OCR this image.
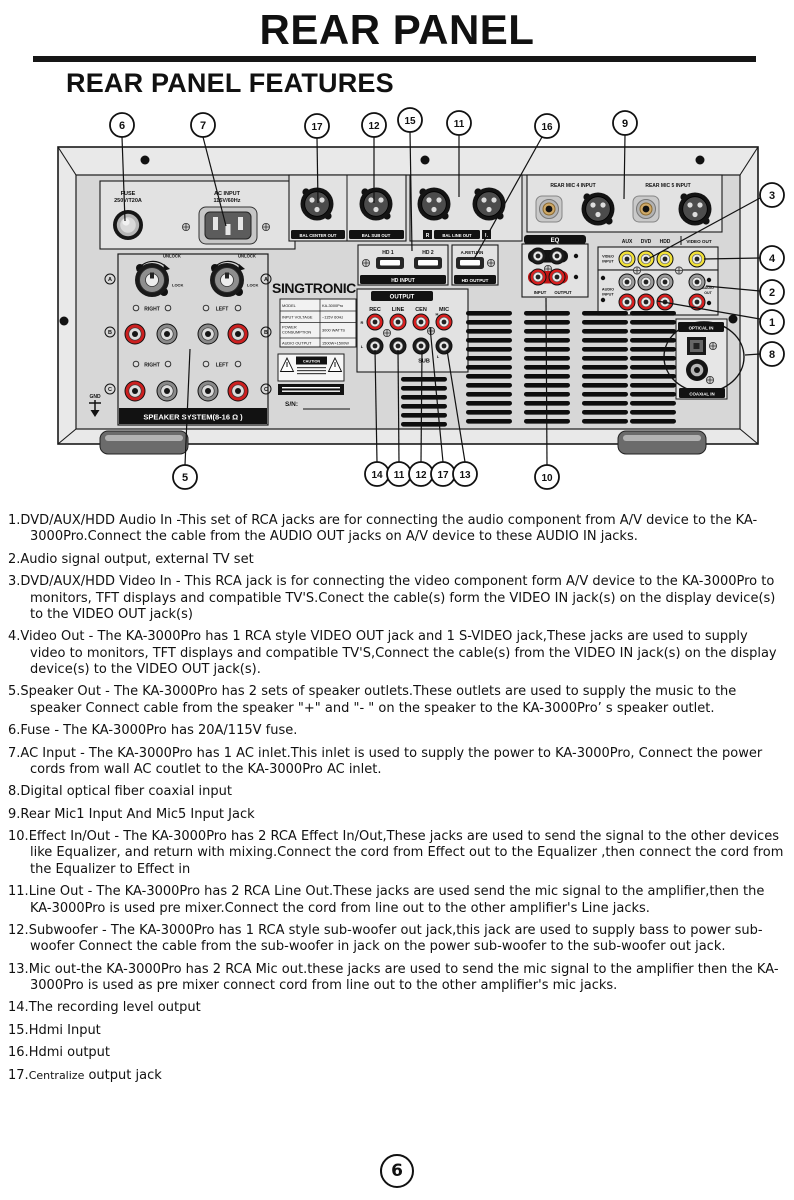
REAR PANEL
REAR PANEL FEATURES
FUSE
250V/T20A
AC INPUT
115V/60Hz
BAL CENTER OUT	BAL SUB OUT	R	BAL LINE OUT	L
REAR MIC 4 INPUT	REAR MIC 5 INPUT
HD 1	HD 2
HD INPUT
A.RETURN
HD OUTPUT
OUTPUT
REC LINE CEN MIC
R
L
H
L
SUB
EQ
INPUT OUTPUT
AUX DVD HDD	VIDEO OUT
VIDEO
INPUT
AUDIO
INPUT
AUDIO
OUT
OPTICAL IN
COAXIAL IN
UNLOCK	UNLOCK
LOCK	LOCK
A	A
B	B
C	C
RIGHT	LEFT
RIGHT	LEFT
SPEAKER SYSTEM(8-16 Ω )
GND
SINGTRONIC
MODEL	KA-3000Pro
INPUT VOLTAGE ~115V 60Hz
POWER
CONSUMPTION	3000 WATTS
AUDIO OUTPUT	1500W+1500W
CAUTION
S/N:
6	7	17	12 15	11	16	9
3
4
2
1
8
5	14 11 12 17 13	10
1.DVD/AUX/HDD Audio In -This set of RCA jacks are for connecting the audio component from A/V device to the KA-3000Pro.Connect the cable from the AUDIO OUT jacks on A/V device to these AUDIO IN jacks.
2.Audio signal output, external TV set
3.DVD/AUX/HDD Video In - This RCA jack is for connecting the video component form A/V device to the KA-3000Pro to monitors, TFT displays and compatible TV'S.Conect the cable(s) form the VIDEO IN jack(s) on the display device(s) to the VIDEO OUT jack(s)
4.Video Out - The KA-3000Pro has 1 RCA style VIDEO OUT jack and 1 S-VIDEO jack,These jacks are used to supply video to monitors, TFT displays and compatible TV'S,Connect the cable(s) from the VIDEO IN jack(s) on the display device(s) to the VIDEO OUT jack(s).
5.Speaker Out - The KA-3000Pro has 2 sets of speaker outlets.These outlets are used to supply the music to the speaker Connect cable from the speaker "+" and "- " on the speaker to the KA-3000Pro’ s speaker outlet.
6.Fuse - The KA-3000Pro has 20A/115V fuse.
7.AC Input - The KA-3000Pro has 1 AC inlet.This inlet is used to supply the power to KA-3000Pro, Connect the power cords from wall AC coutlet to the KA-3000Pro AC inlet.
8.Digital optical fiber coaxial input
9.Rear Mic1 Input And Mic5 Input Jack
10.Effect In/Out - The KA-3000Pro has 2 RCA Effect In/Out,These jacks are used to send the signal to the other devices like Equalizer, and return with mixing.Connect the cord from Effect out to the Equalizer ,then connect the cord from the Equalizer to Effect in
11.Line Out - The KA-3000Pro has 2 RCA Line Out.These jacks are used send the mic signal to the amplifier,then the KA-3000Pro is used pre mixer.Connect the cord from line out to the other amplifier's Line jacks.
12.Subwoofer - The KA-3000Pro has 1 RCA style sub-woofer out jack,this jack are used to supply bass to power sub-woofer Connect the cable from the sub-woofer in jack on the power sub-woofer to the sub-woofer out jack.
13.Mic out-the KA-3000Pro has 2 RCA Mic out.these jacks are used to send the mic signal to the amplifier then the KA-3000Pro is used as pre mixer connect cord from line out to the other amplifier's mic jacks.
14.The recording level output
15.Hdmi Input
16.Hdmi output
17.Centralize output jack
6
